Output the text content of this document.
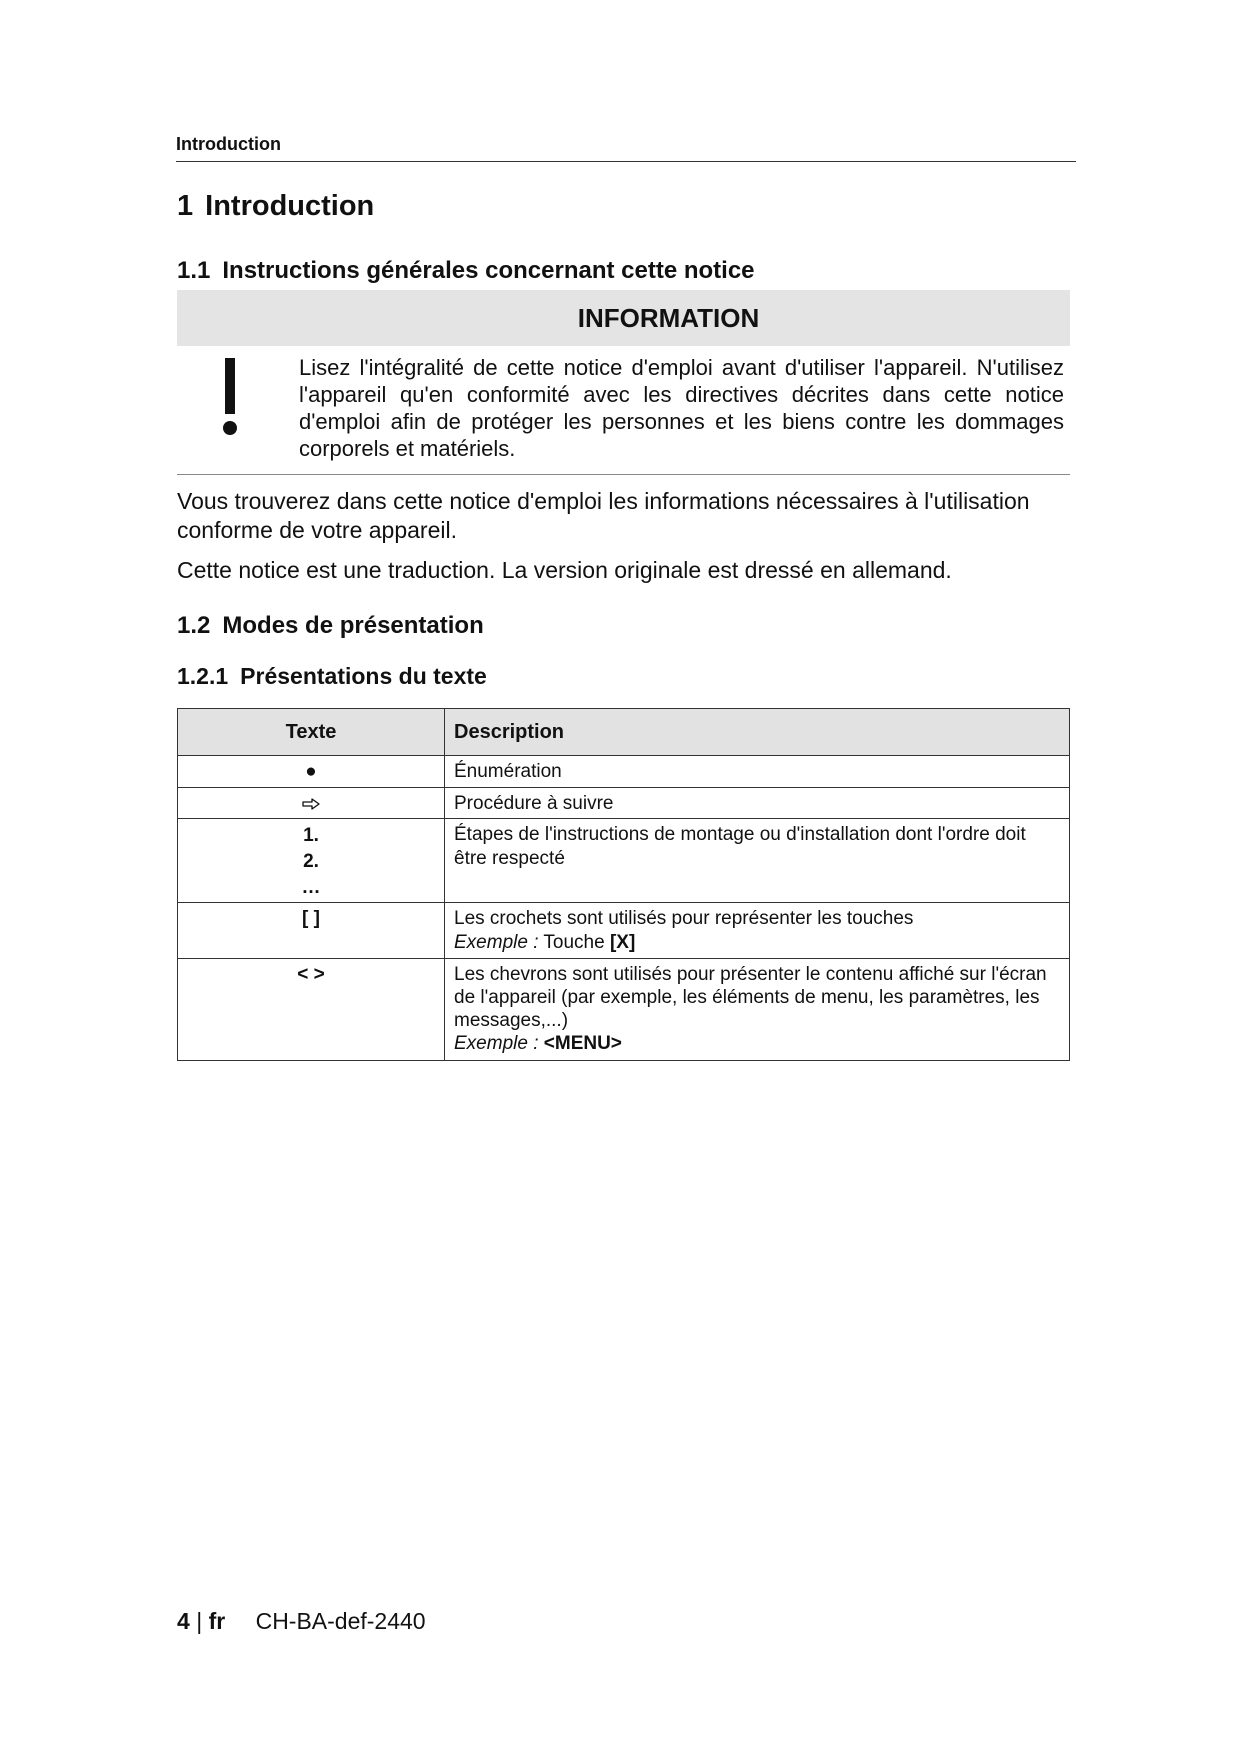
Introduction
1 Introduction
1.1 Instructions générales concernant cette notice
INFORMATION

Lisez l'intégralité de cette notice d'emploi avant d'utiliser l'appareil. N'utilisez l'appareil qu'en conformité avec les directives décrites dans cette notice d'emploi afin de protéger les personnes et les biens contre les dommages corporels et matériels.

Vous trouverez dans cette notice d'emploi les informations nécessaires à l'utilisation conforme de votre appareil.

Cette notice est une traduction. La version originale est dressé en allemand.

1.2 Modes de présentation
1.2.1 Présentations du texte
Texte	Description
●	Énumération

	Procédure à suivre

1.
2.
…	Étapes de l'instructions de montage ou d'installation dont l'ordre doit être respecté
[ ]	Les crochets sont utilisés pour représenter les touches
Exemple : Touche [X]

< >	Les chevrons sont utilisés pour présenter le contenu affiché sur l'écran de l'appareil (par exemple, les éléments de menu, les paramètres, les messages,...)
Exemple : <MENU>
4 | fr CH-BA-def-2440
